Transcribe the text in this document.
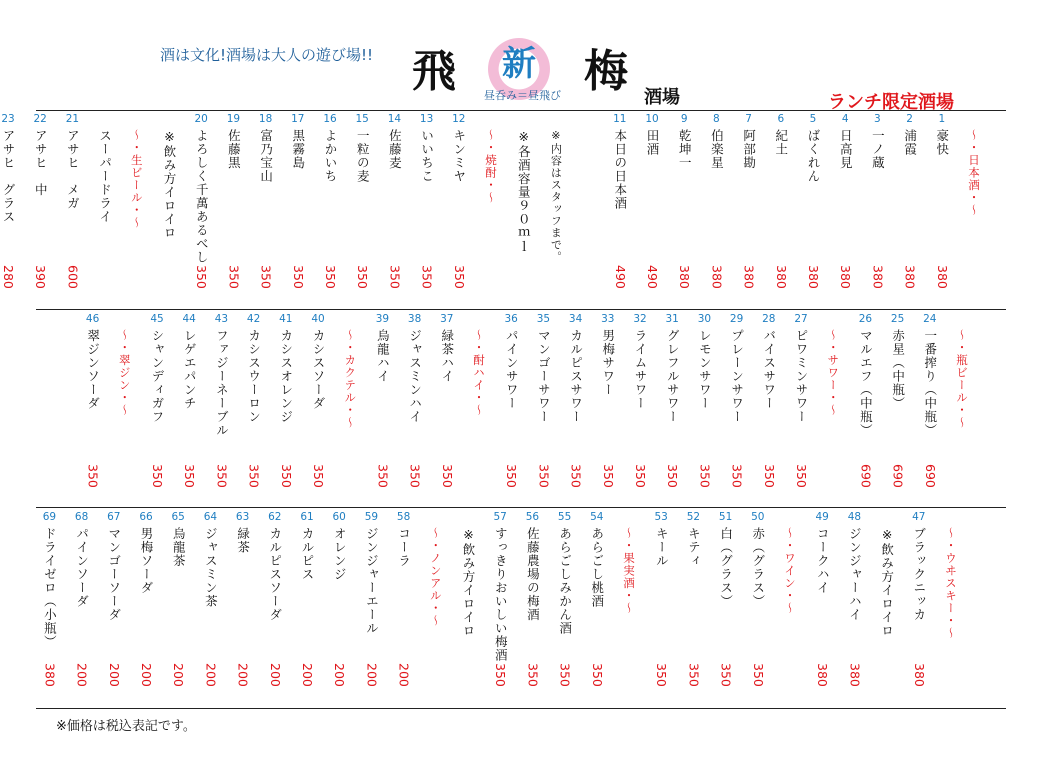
酒は文化!酒場は大人の遊び場!! 飛	新
昼呑み＝昼飛び 梅
酒場	ランチ限定酒場
～・日本酒・～
1
豪快
380
2
浦霞
380
3
一ノ蔵
380
4
日高見
380
5
ばくれん
380
6
紀土
380
7
阿部勘
380
8
伯楽星
380
9
乾坤一
380
10
田酒
490
11
本日の日本酒
490
※内容はスタッフまで。
※各酒容量９０ｍｌ
～・焼酎・～
12
キンミヤ
350
13
いいちこ
350
14
佐藤麦
350
15
一粒の麦
350
16
よかいち
350
17
黒霧島
350
18
富乃宝山
350
19
佐藤黒
350
20
よろしく千萬あるべし
350
※飲み方イロイロ
～・生ビール・～
スーパードライ
21
アサヒ　メガ
600
22
アサヒ　中
390
23
アサヒ　グラス
280
～・瓶ビール・～
24
一番搾り（中瓶）
690
25
赤星（中瓶）
690
26
マルエフ（中瓶）
690
～・サワー・～
27
ピワミンサワー
350
28
バイスサワー
350
29
プレーンサワー
350
30
レモンサワー
350
31
グレフルサワー
350
32
ライムサワー
350
33
男梅サワー
350
34
カルピスサワー
350
35
マンゴーサワー
350
36
パインサワー
350
～・酎ハイ・～
37
緑茶ハイ
350
38
ジャスミンハイ
350
39
烏龍ハイ
350
～・カクテル・～
40
カシスソーダ
350
41
カシスオレンジ
350
42
カシスウーロン
350
43
ファジーネーブル
350
44
レゲエパンチ
350
45
シャンディガフ
350
～・翠ジン・～
46
翠ジンソーダ
350
～・ウヰスキー・～
47
ブラックニッカ
380
※飲み方イロイロ
48
ジンジャーハイ
380
49
コークハイ
380
～・ワイン・～
50
赤（グラス）
350
51
白（グラス）
350
52
キティ
350
53
キール
350
～・果実酒・～
54
あらごし桃酒
350
55
あらごしみかん酒
350
56
佐藤農場の梅酒
350
57
すっきりおいしい梅酒
350
※飲み方イロイロ
～・ノンアル・～
58
コーラ
200
59
ジンジャーエール
200
60
オレンジ
200
61
カルピス
200
62
カルピスソーダ
200
63
緑茶
200
64
ジャスミン茶
200
65
烏龍茶
200
66
男梅ソーダ
200
67
マンゴーソーダ
200
68
パインソーダ
200
69
ドライゼロ（小瓶）
380
※価格は税込表記です。
